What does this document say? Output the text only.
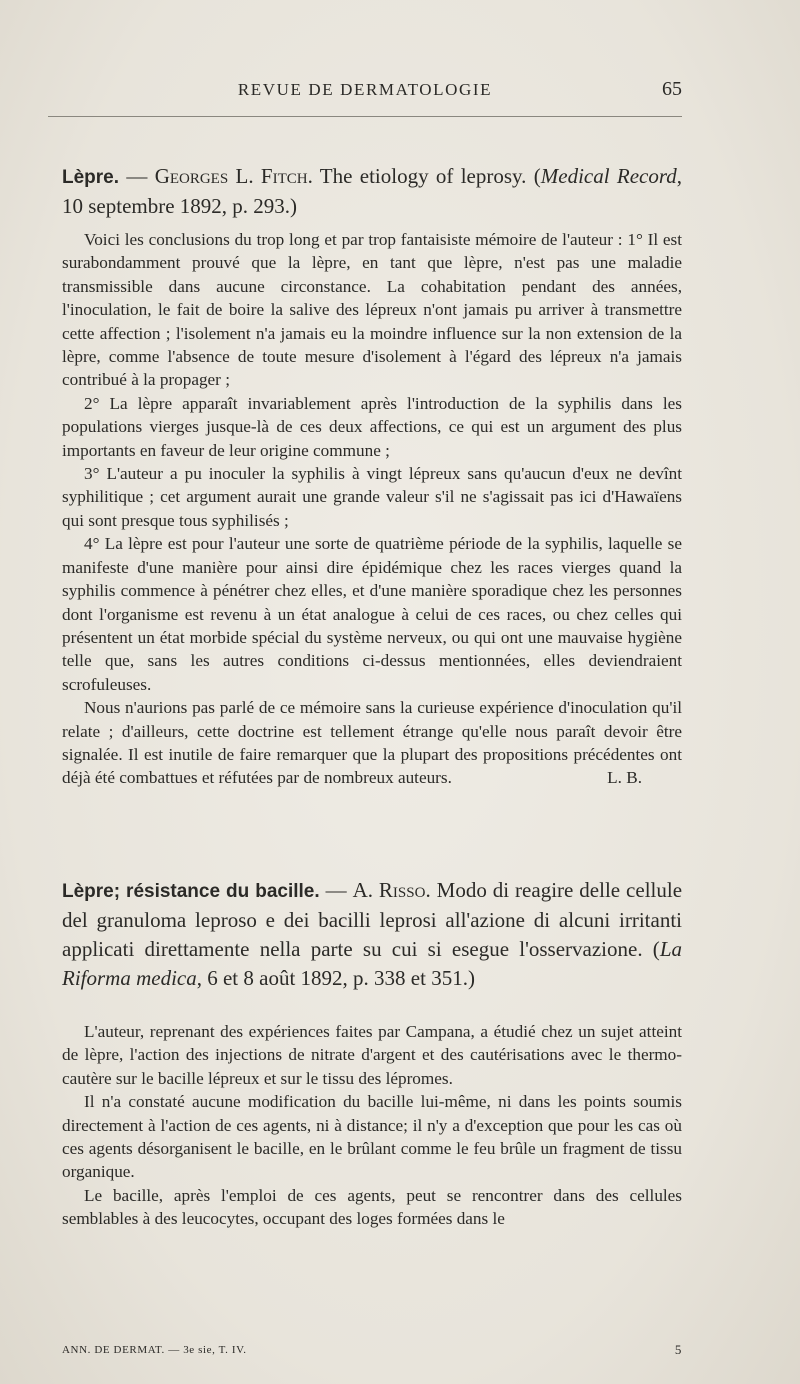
REVUE DE DERMATOLOGIE	65
Lèpre. — Georges L. Fitch. The etiology of leprosy. (Medical Record, 10 septembre 1892, p. 293.)

Voici les conclusions du trop long et par trop fantaisiste mémoire de l'auteur : 1° Il est surabondamment prouvé que la lèpre, en tant que lèpre, n'est pas une maladie transmissible dans aucune circonstance. La cohabitation pendant des années, l'inoculation, le fait de boire la salive des lépreux n'ont jamais pu arriver à transmettre cette affection ; l'isolement n'a jamais eu la moindre influence sur la non extension de la lèpre, comme l'absence de toute mesure d'isolement à l'égard des lépreux n'a jamais contribué à la propager ;

2° La lèpre apparaît invariablement après l'introduction de la syphilis dans les populations vierges jusque-là de ces deux affections, ce qui est un argument des plus importants en faveur de leur origine commune ;

3° L'auteur a pu inoculer la syphilis à vingt lépreux sans qu'aucun d'eux ne devînt syphilitique ; cet argument aurait une grande valeur s'il ne s'agissait pas ici d'Hawaïens qui sont presque tous syphilisés ;

4° La lèpre est pour l'auteur une sorte de quatrième période de la syphilis, laquelle se manifeste d'une manière pour ainsi dire épidémique chez les races vierges quand la syphilis commence à pénétrer chez elles, et d'une manière sporadique chez les personnes dont l'organisme est revenu à un état analogue à celui de ces races, ou chez celles qui présentent un état morbide spécial du système nerveux, ou qui ont une mauvaise hygiène telle que, sans les autres conditions ci-dessus mentionnées, elles deviendraient scrofuleuses.

Nous n'aurions pas parlé de ce mémoire sans la curieuse expérience d'inoculation qu'il relate ; d'ailleurs, cette doctrine est tellement étrange qu'elle nous paraît devoir être signalée. Il est inutile de faire remarquer que la plupart des propositions précédentes ont déjà été combattues et réfutées par de nombreux auteurs.	L. B.

Lèpre; résistance du bacille. — A. Risso. Modo di reagire delle cellule del granuloma leproso e dei bacilli leprosi all'azione di alcuni irritanti applicati direttamente nella parte su cui si esegue l'osservazione. (La Riforma medica, 6 et 8 août 1892, p. 338 et 351.)

L'auteur, reprenant des expériences faites par Campana, a étudié chez un sujet atteint de lèpre, l'action des injections de nitrate d'argent et des cautérisations avec le thermo-cautère sur le bacille lépreux et sur le tissu des lépromes.

Il n'a constaté aucune modification du bacille lui-même, ni dans les points soumis directement à l'action de ces agents, ni à distance; il n'y a d'exception que pour les cas où ces agents désorganisent le bacille, en le brûlant comme le feu brûle un fragment de tissu organique.

Le bacille, après l'emploi de ces agents, peut se rencontrer dans des cellules semblables à des leucocytes, occupant des loges formées dans le

ANN. DE DERMAT. — 3e sie, T. IV.	5
